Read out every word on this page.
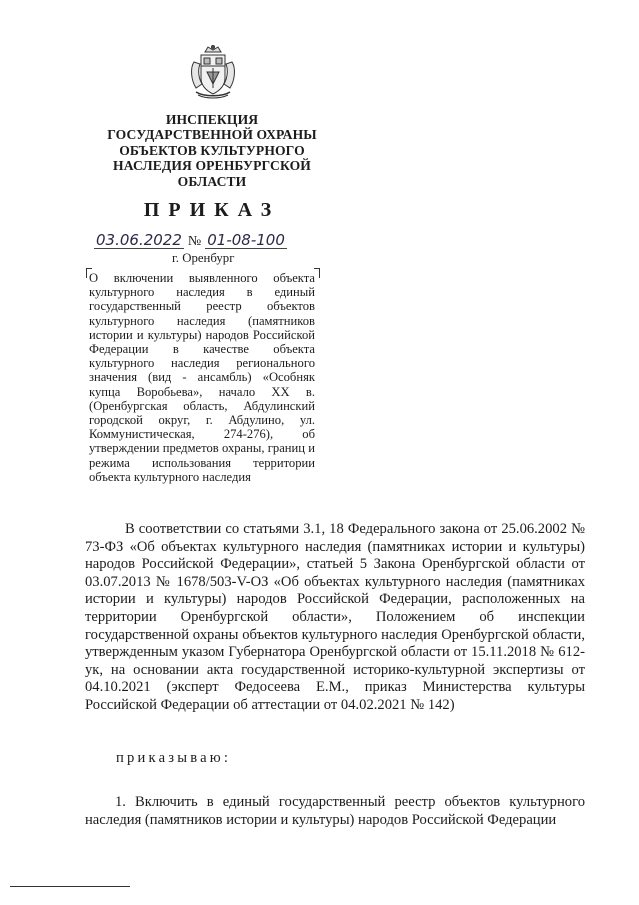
ИНСПЕКЦИЯ
ГОСУДАРСТВЕННОЙ ОХРАНЫ
ОБЪЕКТОВ КУЛЬТУРНОГО
НАСЛЕДИЯ ОРЕНБУРГСКОЙ
ОБЛАСТИ
ПРИКАЗ
03.06.2022 № 01-08-100
г. Оренбург

О включении выявленного объекта культурного наследия в единый государственный реестр объектов культурного наследия (памятников истории и культуры) народов Российской Федерации в качестве объекта культурного наследия регионального значения (вид - ансамбль) «Особняк купца Воробьева», начало XX в. (Оренбургская область, Абдулинский городской округ, г. Абдулино, ул. Коммунистическая, 274-276), об утверждении предметов охраны, границ и режима использования территории объекта культурного наследия

В соответствии со статьями 3.1, 18 Федерального закона от 25.06.2002 № 73-ФЗ «Об объектах культурного наследия (памятниках истории и культуры) народов Российской Федерации», статьей 5 Закона Оренбургской области от 03.07.2013 № 1678/503-V-ОЗ «Об объектах культурного наследия (памятниках истории и культуры) народов Российской Федерации, расположенных на территории Оренбургской области», Положением об инспекции государственной охраны объектов культурного наследия Оренбургской области, утвержденным указом Губернатора Оренбургской области от 15.11.2018 № 612-ук, на основании акта государственной историко-культурной экспертизы от 04.10.2021 (эксперт Федосеева Е.М., приказ Министерства культуры Российской Федерации об аттестации от 04.02.2021 № 142)

приказываю:

1. Включить в единый государственный реестр объектов культурного наследия (памятников истории и культуры) народов Российской Федерации
